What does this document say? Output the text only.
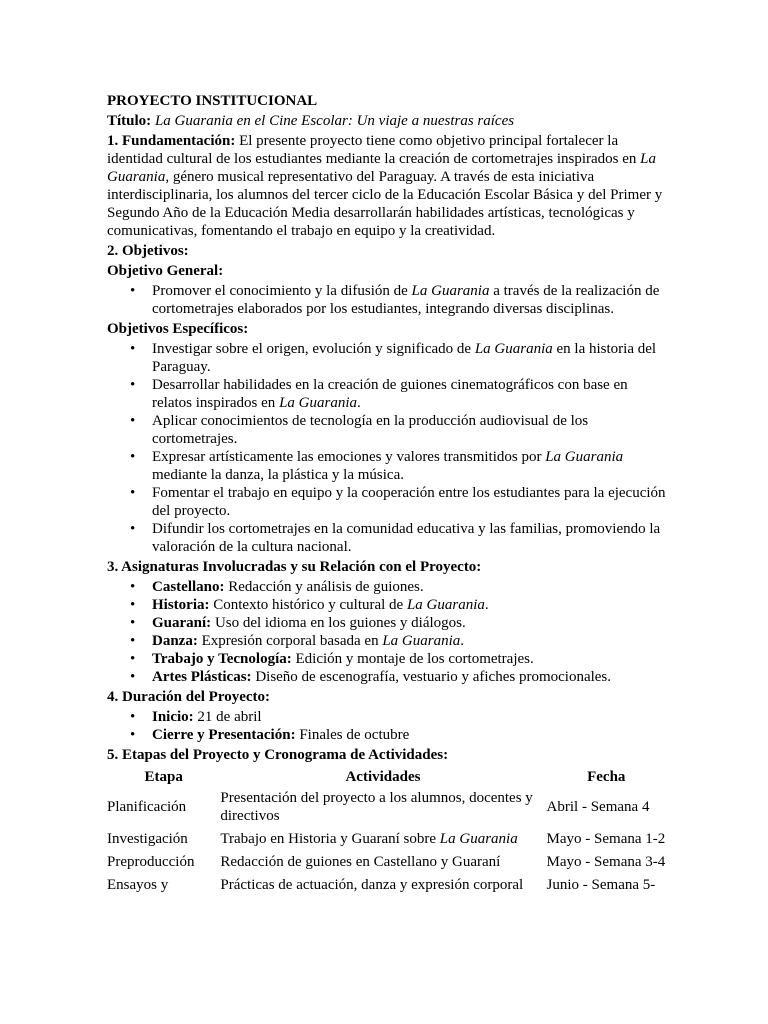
PROYECTO INSTITUCIONAL

Título: La Guarania en el Cine Escolar: Un viaje a nuestras raíces

1. Fundamentación: El presente proyecto tiene como objetivo principal fortalecer la identidad cultural de los estudiantes mediante la creación de cortometrajes inspirados en La Guarania, género musical representativo del Paraguay. A través de esta iniciativa interdisciplinaria, los alumnos del tercer ciclo de la Educación Escolar Básica y del Primer y Segundo Año de la Educación Media desarrollarán habilidades artísticas, tecnológicas y comunicativas, fomentando el trabajo en equipo y la creatividad.

2. Objetivos:
Objetivo General:
• Promover el conocimiento y la difusión de La Guarania a través de la realización de cortometrajes elaborados por los estudiantes, integrando diversas disciplinas.
Objetivos Específicos:
• Investigar sobre el origen, evolución y significado de La Guarania en la historia del Paraguay.
• Desarrollar habilidades en la creación de guiones cinematográficos con base en relatos inspirados en La Guarania.
• Aplicar conocimientos de tecnología en la producción audiovisual de los cortometrajes.
• Expresar artísticamente las emociones y valores transmitidos por La Guarania mediante la danza, la plástica y la música.
• Fomentar el trabajo en equipo y la cooperación entre los estudiantes para la ejecución del proyecto.
• Difundir los cortometrajes en la comunidad educativa y las familias, promoviendo la valoración de la cultura nacional.
3. Asignaturas Involucradas y su Relación con el Proyecto:
• Castellano: Redacción y análisis de guiones.
• Historia: Contexto histórico y cultural de La Guarania.
• Guaraní: Uso del idioma en los guiones y diálogos.
• Danza: Expresión corporal basada en La Guarania.
• Trabajo y Tecnología: Edición y montaje de los cortometrajes.
• Artes Plásticas: Diseño de escenografía, vestuario y afiches promocionales.
4. Duración del Proyecto:
• Inicio: 21 de abril
• Cierre y Presentación: Finales de octubre
5. Etapas del Proyecto y Cronograma de Actividades:
Etapa	Actividades	Fecha
Planificación	Presentación del proyecto a los alumnos, docentes y directivos	Abril - Semana 4
Investigación	Trabajo en Historia y Guaraní sobre La Guarania	Mayo - Semana 1-2
Preproducción	Redacción de guiones en Castellano y Guaraní	Mayo - Semana 3-4
Ensayos y	Prácticas de actuación, danza y expresión corporal	Junio - Semana 5-
